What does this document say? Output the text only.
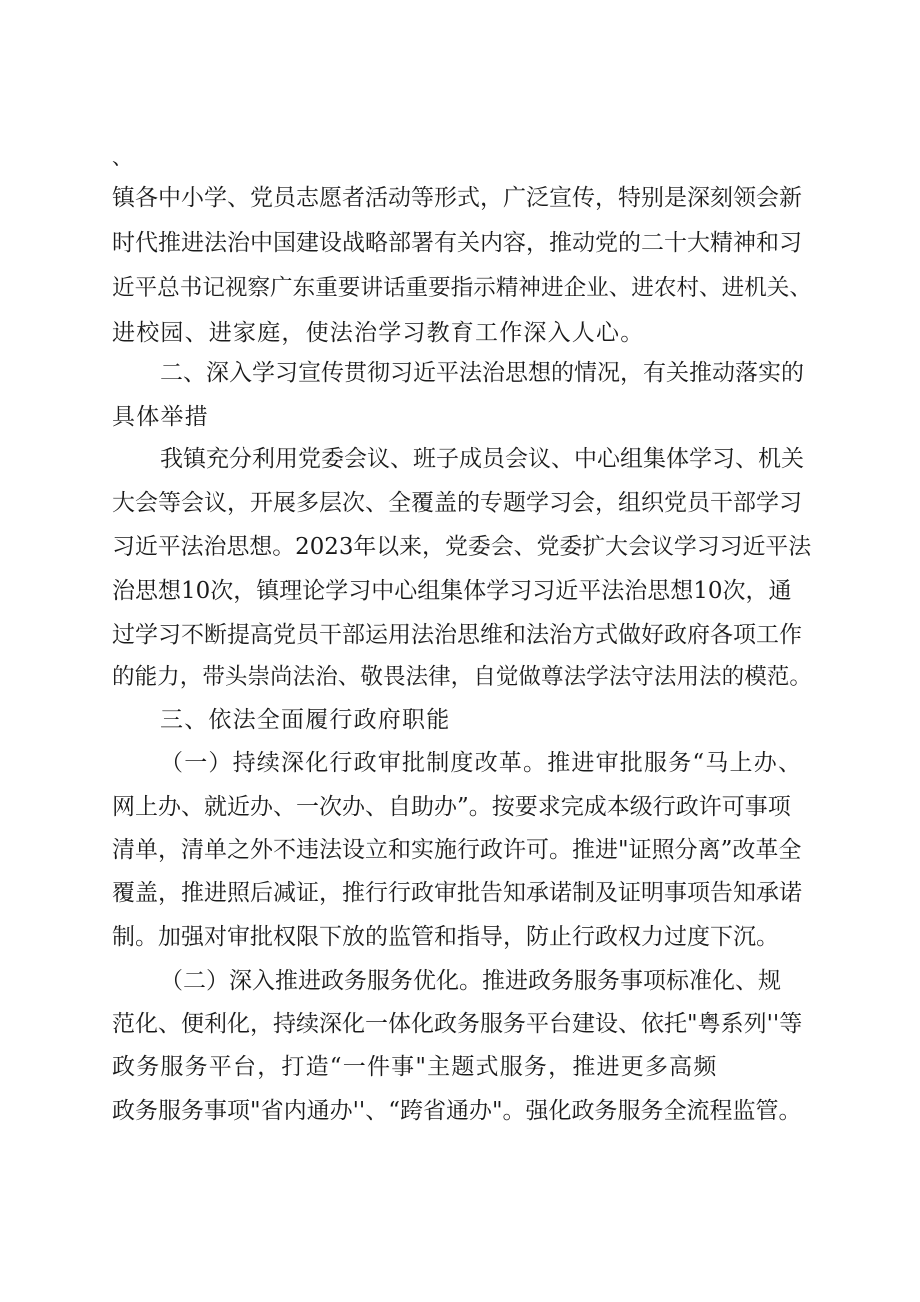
、
镇各中小学、党员志愿者活动等形式，广泛宣传，特别是深刻领会新
时代推进法治中国建设战略部署有关内容，推动党的二十大精神和习
近平总书记视察广东重要讲话重要指示精神进企业、进农村、进机关、
进校园、进家庭，使法治学习教育工作深入人心。
二、深入学习宣传贯彻习近平法治思想的情况，有关推动落实的
具体举措
我镇充分利用党委会议、班子成员会议、中心组集体学习、机关
大会等会议，开展多层次、全覆盖的专题学习会，组织党员干部学习
习近平法治思想。2023年以来，党委会、党委扩大会议学习习近平法
治思想10次，镇理论学习中心组集体学习习近平法治思想10次，通
过学习不断提高党员干部运用法治思维和法治方式做好政府各项工作
的能力，带头崇尚法治、敬畏法律，自觉做尊法学法守法用法的模范。
三、依法全面履行政府职能
（一）持续深化行政审批制度改革。推进审批服务“马上办、
网上办、就近办、一次办、自助办”。按要求完成本级行政许可事项
清单，清单之外不违法设立和实施行政许可。推进"证照分离”改革全
覆盖，推进照后减证，推行行政审批告知承诺制及证明事项告知承诺
制。加强对审批权限下放的监管和指导，防止行政权力过度下沉。
（二）深入推进政务服务优化。推进政务服务事项标准化、规
范化、便利化，持续深化一体化政务服务平台建设、依托"粤系列''等
政务服务平台，打造“一件事"主题式服务，推进更多高频
政务服务事项"省内通办''、“跨省通办"。强化政务服务全流程监管。
